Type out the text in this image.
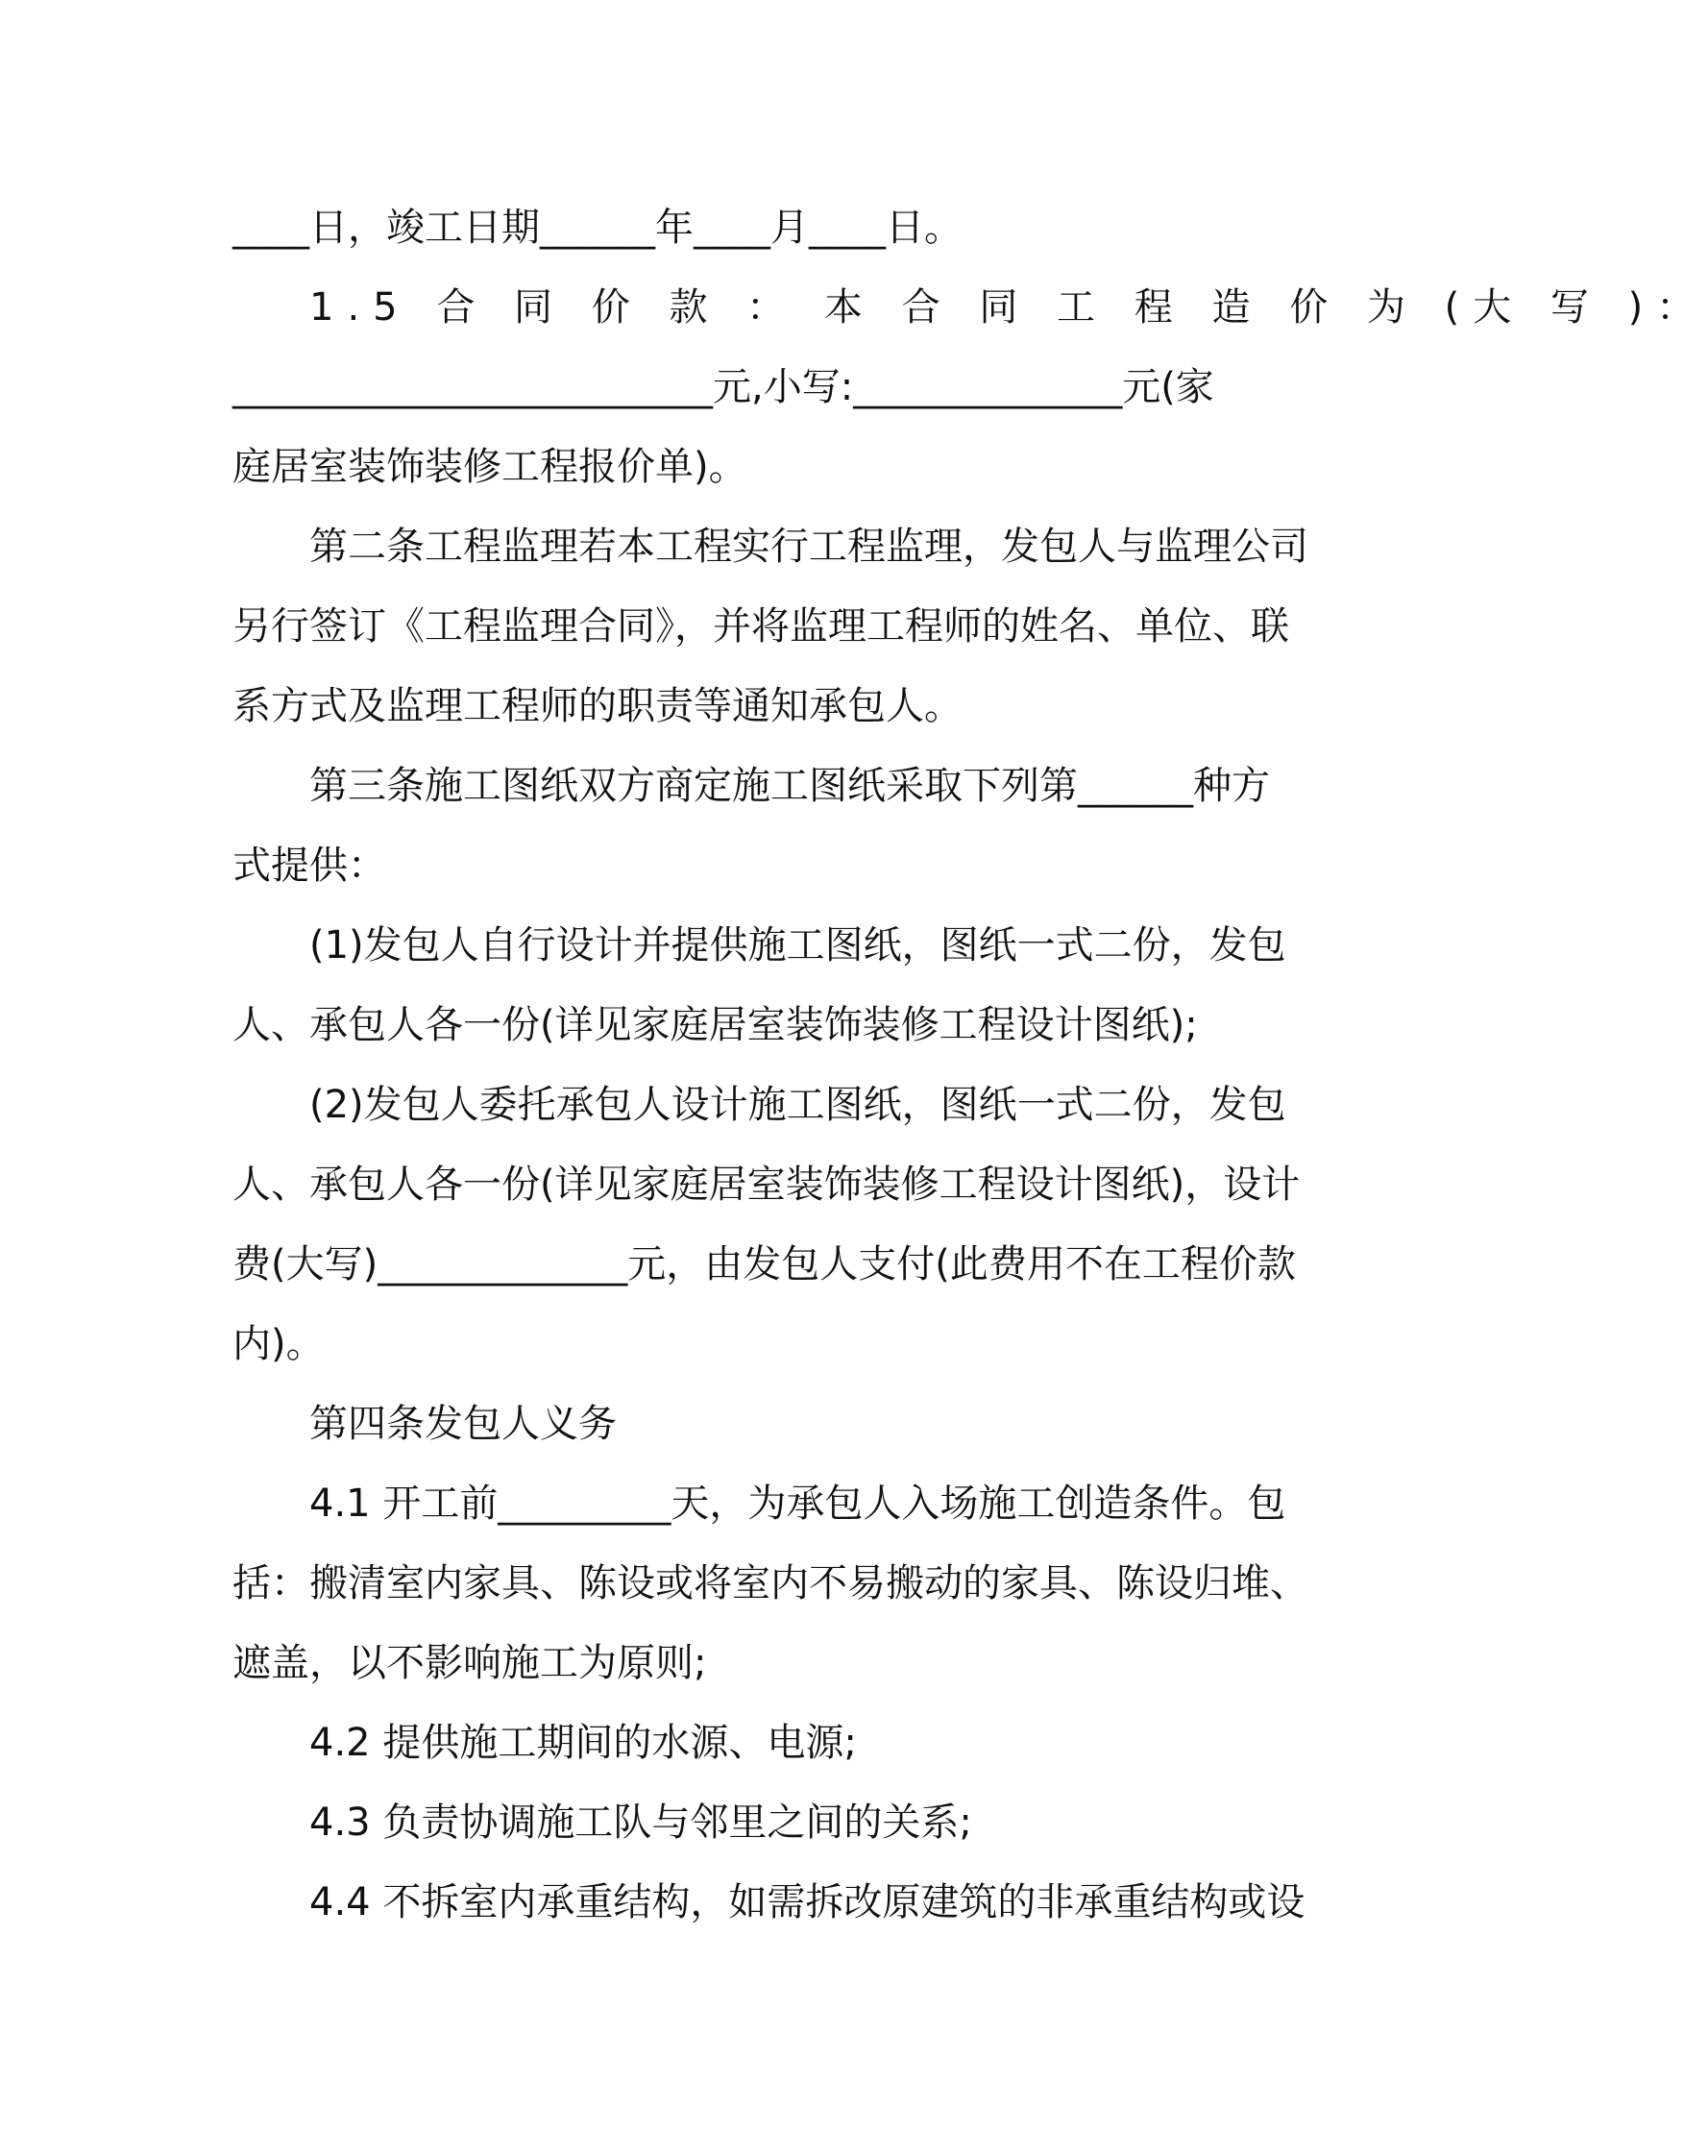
____日，竣工日期______年____月____日。
1.5 合 同 价 款 ： 本 合 同 工 程 造 价 为 (大 写 )：
_________________________元,小写:______________元(家
庭居室装饰装修工程报价单)。
第二条工程监理若本工程实行工程监理，发包人与监理公司
另行签订《工程监理合同》，并将监理工程师的姓名、单位、联
系方式及监理工程师的职责等通知承包人。
第三条施工图纸双方商定施工图纸采取下列第______种方
式提供：
(1)发包人自行设计并提供施工图纸，图纸一式二份，发包
人、承包人各一份(详见家庭居室装饰装修工程设计图纸);
(2)发包人委托承包人设计施工图纸，图纸一式二份，发包
人、承包人各一份(详见家庭居室装饰装修工程设计图纸)，设计
费(大写)_____________元，由发包人支付(此费用不在工程价款
内)。
第四条发包人义务
4.1 开工前_________天，为承包人入场施工创造条件。包
括：搬清室内家具、陈设或将室内不易搬动的家具、陈设归堆、
遮盖，以不影响施工为原则;
4.2 提供施工期间的水源、电源;
4.3 负责协调施工队与邻里之间的关系;
4.4 不拆室内承重结构，如需拆改原建筑的非承重结构或设
